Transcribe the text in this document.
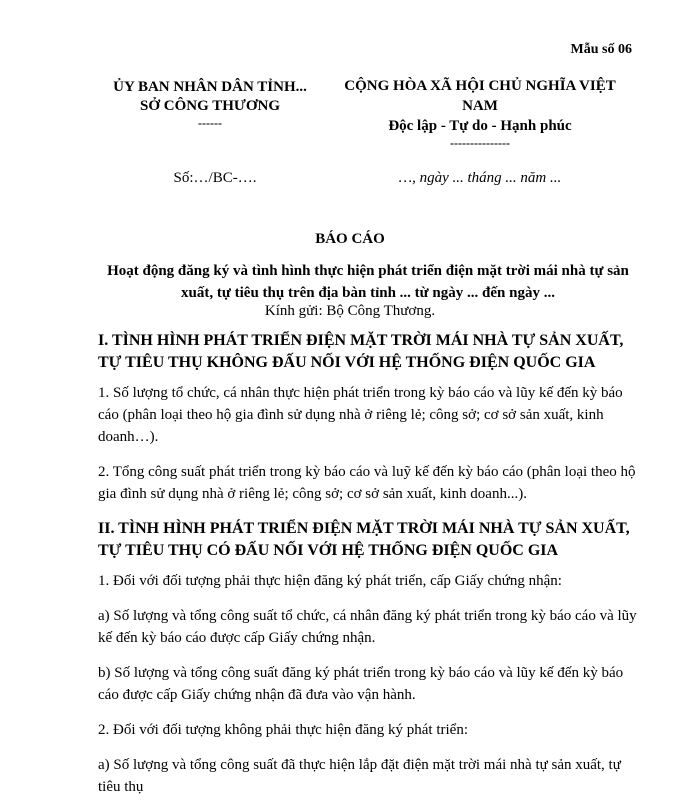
Mẫu số 06
ỦY BAN NHÂN DÂN TỈNH...
SỞ CÔNG THƯƠNG
------
CỘNG HÒA XÃ HỘI CHỦ NGHĨA VIỆT NAM
Độc lập - Tự do - Hạnh phúc
---------------
Số:…/BC-….	…, ngày ... tháng ... năm ...
BÁO CÁO
Hoạt động đăng ký và tình hình thực hiện phát triển điện mặt trời mái nhà tự sản xuất, tự tiêu thụ trên địa bàn tỉnh ... từ ngày ... đến ngày ...
Kính gửi: Bộ Công Thương.
I. TÌNH HÌNH PHÁT TRIỂN ĐIỆN MẶT TRỜI MÁI NHÀ TỰ SẢN XUẤT, TỰ TIÊU THỤ KHÔNG ĐẤU NỐI VỚI HỆ THỐNG ĐIỆN QUỐC GIA

1. Số lượng tổ chức, cá nhân thực hiện phát triển trong kỳ báo cáo và lũy kế đến kỳ báo cáo (phân loại theo hộ gia đình sử dụng nhà ở riêng lẻ; công sở; cơ sở sản xuất, kinh doanh…).

2. Tổng công suất phát triển trong kỳ báo cáo và luỹ kế đến kỳ báo cáo (phân loại theo hộ gia đình sử dụng nhà ở riêng lẻ; công sở; cơ sở sản xuất, kinh doanh...).

II. TÌNH HÌNH PHÁT TRIỂN ĐIỆN MẶT TRỜI MÁI NHÀ TỰ SẢN XUẤT, TỰ TIÊU THỤ CÓ ĐẤU NỐI VỚI HỆ THỐNG ĐIỆN QUỐC GIA

1. Đối với đối tượng phải thực hiện đăng ký phát triển, cấp Giấy chứng nhận:

a) Số lượng và tổng công suất tổ chức, cá nhân đăng ký phát triển trong kỳ báo cáo và lũy kế đến kỳ báo cáo được cấp Giấy chứng nhận.

b) Số lượng và tổng công suất đăng ký phát triển trong kỳ báo cáo và lũy kế đến kỳ báo cáo được cấp Giấy chứng nhận đã đưa vào vận hành.

2. Đối với đối tượng không phải thực hiện đăng ký phát triển:

a) Số lượng và tổng công suất đã thực hiện lắp đặt điện mặt trời mái nhà tự sản xuất, tự tiêu thụ
